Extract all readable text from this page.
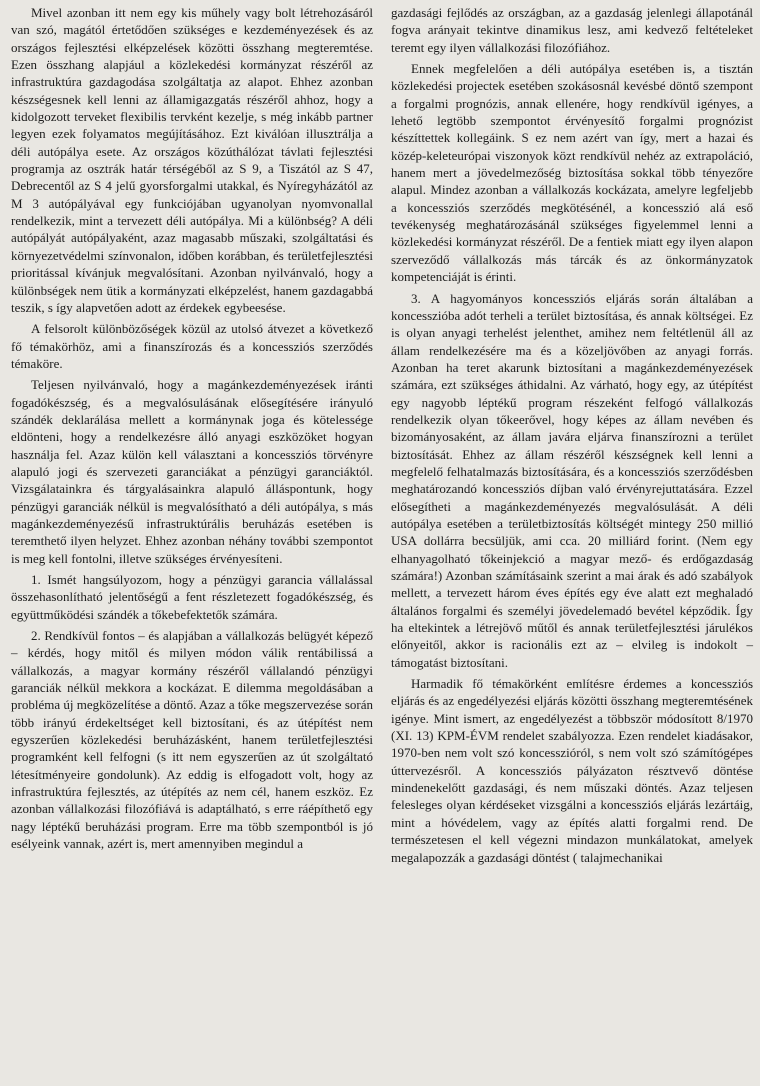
Mivel azonban itt nem egy kis műhely vagy bolt létrehozásáról van szó, magától értetődően szükséges e kezdeményezések és az országos fejlesztési elképzelések közötti összhang megteremtése. Ezen összhang alapjául a közlekedési kormányzat részéről az infrastruktúra gazdagodása szolgáltatja az alapot. Ehhez azonban készségesnek kell lenni az államigazgatás részéről ahhoz, hogy a kidolgozott terveket flexibilis tervként kezelje, s még inkább partner legyen ezek folyamatos megújításához. Ezt kiválóan illusztrálja a déli autópálya esete. Az országos közúthálózat távlati fejlesztési programja az osztrák határ térségéből az S 9, a Tiszától az S 47, Debrecentől az S 4 jelű gyorsforgalmi utakkal, és Nyíregyházától az M 3 autópályával egy funkciójában ugyanolyan nyomvonallal rendelkezik, mint a tervezett déli autópálya. Mi a különbség? A déli autópályát autópályaként, azaz magasabb műszaki, szolgáltatási és környezetvédelmi színvonalon, időben korábban, és területfejlesztési prioritással kívánjuk megvalósítani. Azonban nyilvánvaló, hogy a különbségek nem ütik a kormányzati elképzelést, hanem gazdagabbá teszik, s így alapvetően adott az érdekek egybeesése.

A felsorolt különbözőségek közül az utolsó átvezet a következő fő témakörhöz, ami a finanszírozás és a koncessziós szerződés témaköre.

Teljesen nyilvánvaló, hogy a magánkezdeményezések iránti fogadókészség, és a megvalósulásának elősegítésére irányuló szándék deklarálása mellett a kormánynak joga és kötelessége eldönteni, hogy a rendelkezésre álló anyagi eszközöket hogyan használja fel. Azaz külön kell választani a koncessziós törvényre alapuló jogi és szervezeti garanciákat a pénzügyi garanciáktól. Vizsgálatainkra és tárgyalásainkra alapuló álláspontunk, hogy pénzügyi garanciák nélkül is megvalósítható a déli autópálya, s más magánkezdeményezésű infrastruktúrális beruházás esetében is teremthető ilyen helyzet. Ehhez azonban néhány további szempontot is meg kell fontolni, illetve szükséges érvényesíteni.

1. Ismét hangsúlyozom, hogy a pénzügyi garancia vállalással összehasonlítható jelentőségű a fent részletezett fogadókészség, és együttműködési szándék a tőkebefektetők számára.

2. Rendkívül fontos – és alapjában a vállalkozás belügyét képező – kérdés, hogy mitől és milyen módon válik rentábilissá a vállalkozás, a magyar kormány részéről vállalandó pénzügyi garanciák nélkül mekkora a kockázat. E dilemma megoldásában a probléma új megközelítése a döntő. Azaz a tőke megszervezése során több irányú érdekeltséget kell biztosítani, és az útépítést nem egyszerűen közlekedési beruházásként, hanem területfejlesztési programként kell felfogni (s itt nem egyszerűen az út szolgáltató létesítményeire gondolunk). Az eddig is elfogadott volt, hogy az infrastruktúra fejlesztés, az útépítés az nem cél, hanem eszköz. Ez azonban vállalkozási filozófiává is adaptálható, s erre ráépíthető egy nagy léptékű beruházási program. Erre ma több szempontból is jó esélyeink vannak, azért is, mert amennyiben megindul a

gazdasági fejlődés az országban, az a gazdaság jelenlegi állapotánál fogva arányait tekintve dinamikus lesz, ami kedvező feltételeket teremt egy ilyen vállalkozási filozófiához.

Ennek megfelelően a déli autópálya esetében is, a tisztán közlekedési projectek esetében szokásosnál kevésbé döntő szempont a forgalmi prognózis, annak ellenére, hogy rendkívül igényes, a lehető legtöbb szempontot érvényesítő forgalmi prognózist készíttettek kollegáink. S ez nem azért van így, mert a hazai és közép-keleteurópai viszonyok közt rendkívül nehéz az extrapoláció, hanem mert a jövedelmezőség biztosítása sokkal több tényezőre alapul. Mindez azonban a vállalkozás kockázata, amelyre legfeljebb a koncessziós szerződés megkötésénél, a koncesszió alá eső tevékenység meghatározásánál szükséges figyelemmel lenni a közlekedési kormányzat részéről. De a fentiek miatt egy ilyen alapon szerveződő vállalkozás más tárcák és az önkormányzatok kompetenciáját is érinti.

3. A hagyományos koncessziós eljárás során általában a koncesszióba adót terheli a terület biztosítása, és annak költségei. Ez is olyan anyagi terhelést jelenthet, amihez nem feltétlenül áll az állam rendelkezésére ma és a közeljövőben az anyagi forrás. Azonban ha teret akarunk biztosítani a magánkezdeményezések számára, ezt szükséges áthidalni. Az várható, hogy egy, az útépítést egy nagyobb léptékű program részeként felfogó vállalkozás rendelkezik olyan tőkeerővel, hogy képes az állam nevében és bizományosaként, az állam javára eljárva finanszírozni a terület biztosítását. Ehhez az állam részéről készségnek kell lenni a megfelelő felhatalmazás biztosítására, és a koncessziós szerződésben meghatározandó koncessziós díjban való érvényrejuttatására. Ezzel elősegítheti a magánkezdeményezés megvalósulását. A déli autópálya esetében a területbiztosítás költségét mintegy 250 millió USA dollárra becsüljük, ami cca. 20 milliárd forint. (Nem egy elhanyagolható tőkeinjekció a magyar mező- és erdőgazdaság számára!) Azonban számításaink szerint a mai árak és adó szabályok mellett, a tervezett három éves építés egy éve alatt ezt meghaladó általános forgalmi és személyi jövedelemadó bevétel képződik. Így ha eltekintek a létrejövő műtől és annak területfejlesztési járulékos előnyeitől, akkor is racionális ezt az – elvileg is indokolt – támogatást biztosítani.

Harmadik fő témakörként említésre érdemes a koncessziós eljárás és az engedélyezési eljárás közötti összhang megteremtésének igénye. Mint ismert, az engedélyezést a többször módosított 8/1970 (XI. 13) KPM-ÉVM rendelet szabályozza. Ezen rendelet kiadásakor, 1970-ben nem volt szó koncesszióról, s nem volt szó számítógépes úttervezésről. A koncessziós pályázaton résztvevő döntése mindenekelőtt gazdasági, és nem műszaki döntés. Azaz teljesen felesleges olyan kérdéseket vizsgálni a koncessziós eljárás lezártáig, mint a hóvédelem, vagy az építés alatti forgalmi rend. De természetesen el kell végezni mindazon munkálatokat, amelyek megalapozzák a gazdasági döntést ( talajmechanikai
